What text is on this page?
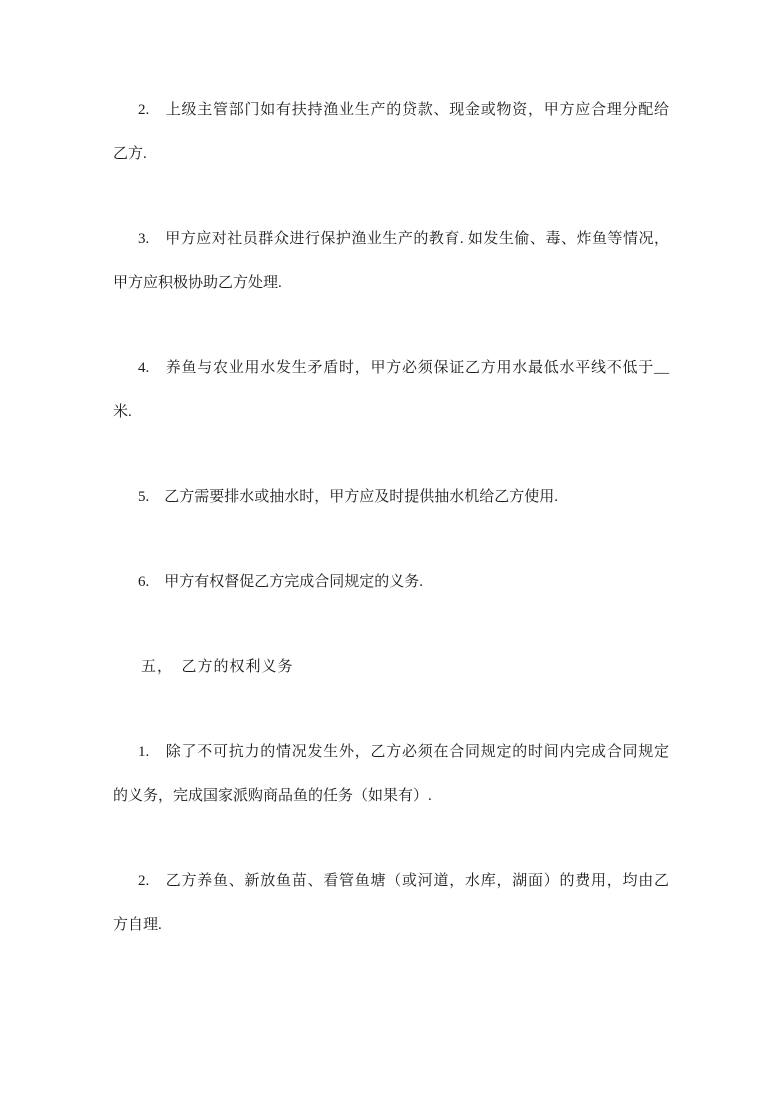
2.　上级主管部门如有扶持渔业生产的贷款、现金或物资，甲方应合理分配给
乙方.

3.　甲方应对社员群众进行保护渔业生产的教育. 如发生偷、毒、炸鱼等情况，
甲方应积极协助乙方处理.

4.　养鱼与农业用水发生矛盾时，甲方必须保证乙方用水最低水平线不低于__
米.

5.　乙方需要排水或抽水时，甲方应及时提供抽水机给乙方使用.

6.　甲方有权督促乙方完成合同规定的义务.

五，　乙方的权利义务

1.　除了不可抗力的情况发生外，乙方必须在合同规定的时间内完成合同规定
的义务，完成国家派购商品鱼的任务（如果有）.

2.　乙方养鱼、新放鱼苗、看管鱼塘（或河道，水库，湖面）的费用，均由乙
方自理.
